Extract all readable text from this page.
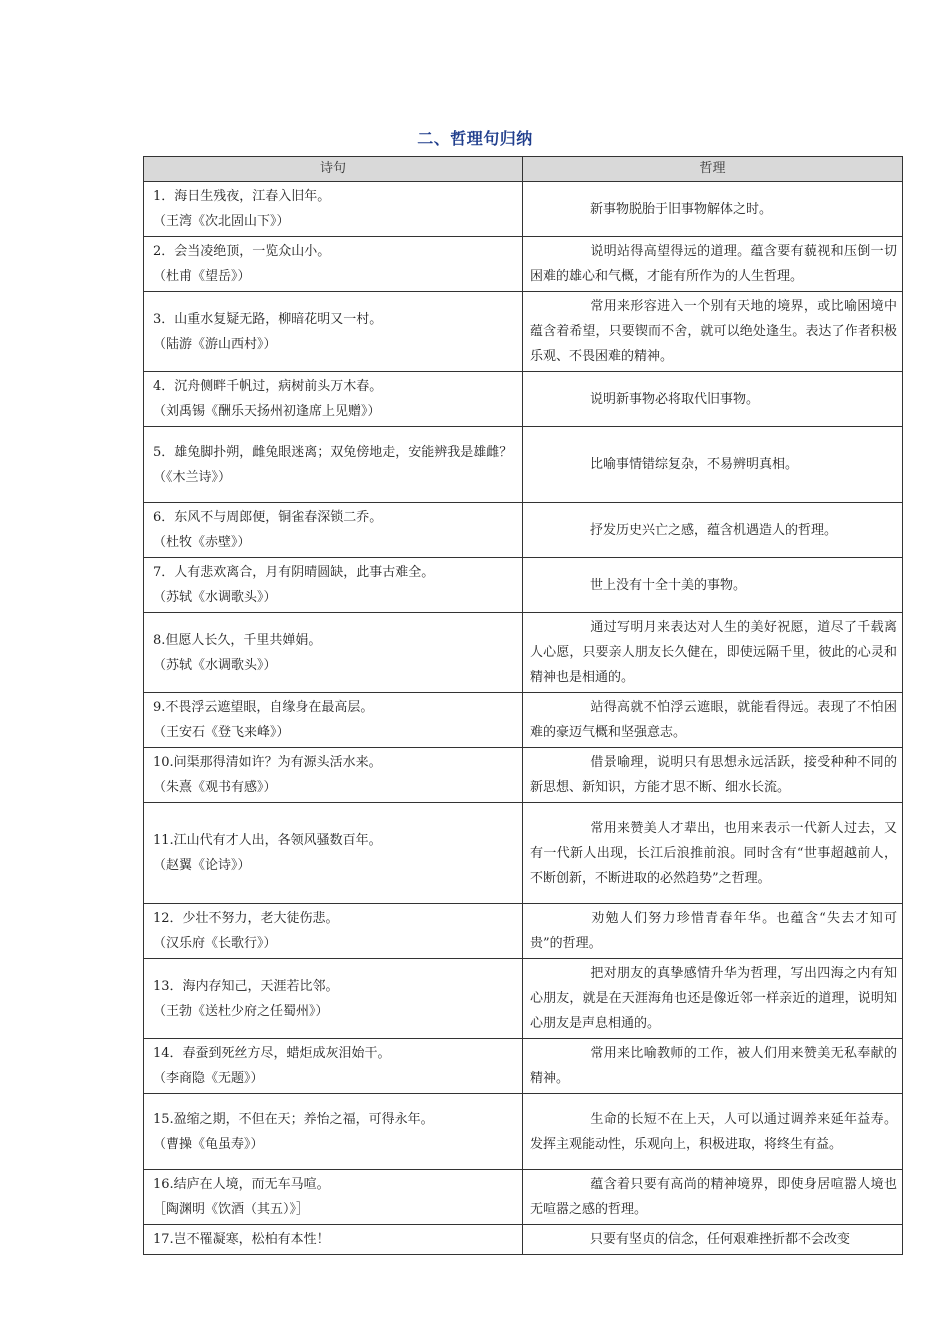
二、哲理句归纳
诗句	哲理

1．海日生残夜，江春入旧年。
（王湾《次北固山下》）	新事物脱胎于旧事物解体之时。

2．会当凌绝顶，一览众山小。
（杜甫《望岳》）	说明站得高望得远的道理。蕴含要有藐视和压倒一切困难的雄心和气概，才能有所作为的人生哲理。

3．山重水复疑无路，柳暗花明又一村。
（陆游《游山西村》）	常用来形容进入一个别有天地的境界，或比喻困境中蕴含着希望，只要锲而不舍，就可以绝处逢生。表达了作者积极乐观、不畏困难的精神。

4．沉舟侧畔千帆过，病树前头万木春。
（刘禹锡《酬乐天扬州初逢席上见赠》）	说明新事物必将取代旧事物。

5．雄兔脚扑朔，雌兔眼迷离；双兔傍地走，安能辨我是雄雌？
（《木兰诗》）	比喻事情错综复杂，不易辨明真相。

6．东风不与周郎便，铜雀春深锁二乔。
（杜牧《赤壁》）	抒发历史兴亡之感，蕴含机遇造人的哲理。

7．人有悲欢离合，月有阴晴圆缺，此事古难全。
（苏轼《水调歌头》）	世上没有十全十美的事物。

8.但愿人长久，千里共婵娟。
（苏轼《水调歌头》）	通过写明月来表达对人生的美好祝愿，道尽了千载离人心愿，只要亲人朋友长久健在，即使远隔千里，彼此的心灵和精神也是相通的。

9.不畏浮云遮望眼，自缘身在最高层。
（王安石《登飞来峰》）	站得高就不怕浮云遮眼，就能看得远。表现了不怕困难的豪迈气概和坚强意志。

10.问渠那得清如许？为有源头活水来。
（朱熹《观书有感》）	借景喻理，说明只有思想永远活跃，接受种种不同的新思想、新知识，方能才思不断、细水长流。

11.江山代有才人出，各领风骚数百年。
（赵翼《论诗》）	常用来赞美人才辈出，也用来表示一代新人过去，又有一代新人出现，长江后浪推前浪。同时含有“世事超越前人，不断创新，不断进取的必然趋势”之哲理。

12．少壮不努力，老大徒伤悲。
（汉乐府《长歌行》）	劝勉人们努力珍惜青春年华。也蕴含“失去才知可贵”的哲理。

13．海内存知己，天涯若比邻。
（王勃《送杜少府之任蜀州》）	把对朋友的真挚感情升华为哲理，写出四海之内有知心朋友，就是在天涯海角也还是像近邻一样亲近的道理，说明知心朋友是声息相通的。

14．春蚕到死丝方尽，蜡炬成灰泪始干。
（李商隐《无题》）	常用来比喻教师的工作，被人们用来赞美无私奉献的精神。

15.盈缩之期，不但在天；养怡之福，可得永年。
（曹操《龟虽寿》）	生命的长短不在上天，人可以通过调养来延年益寿。发挥主观能动性，乐观向上，积极进取，将终生有益。

16.结庐在人境，而无车马喧。
［陶渊明《饮酒（其五）》］	蕴含着只要有高尚的精神境界，即使身居喧嚣人境也无喧嚣之感的哲理。

17.岂不罹凝寒，松柏有本性！	只要有坚贞的信念，任何艰难挫折都不会改变
